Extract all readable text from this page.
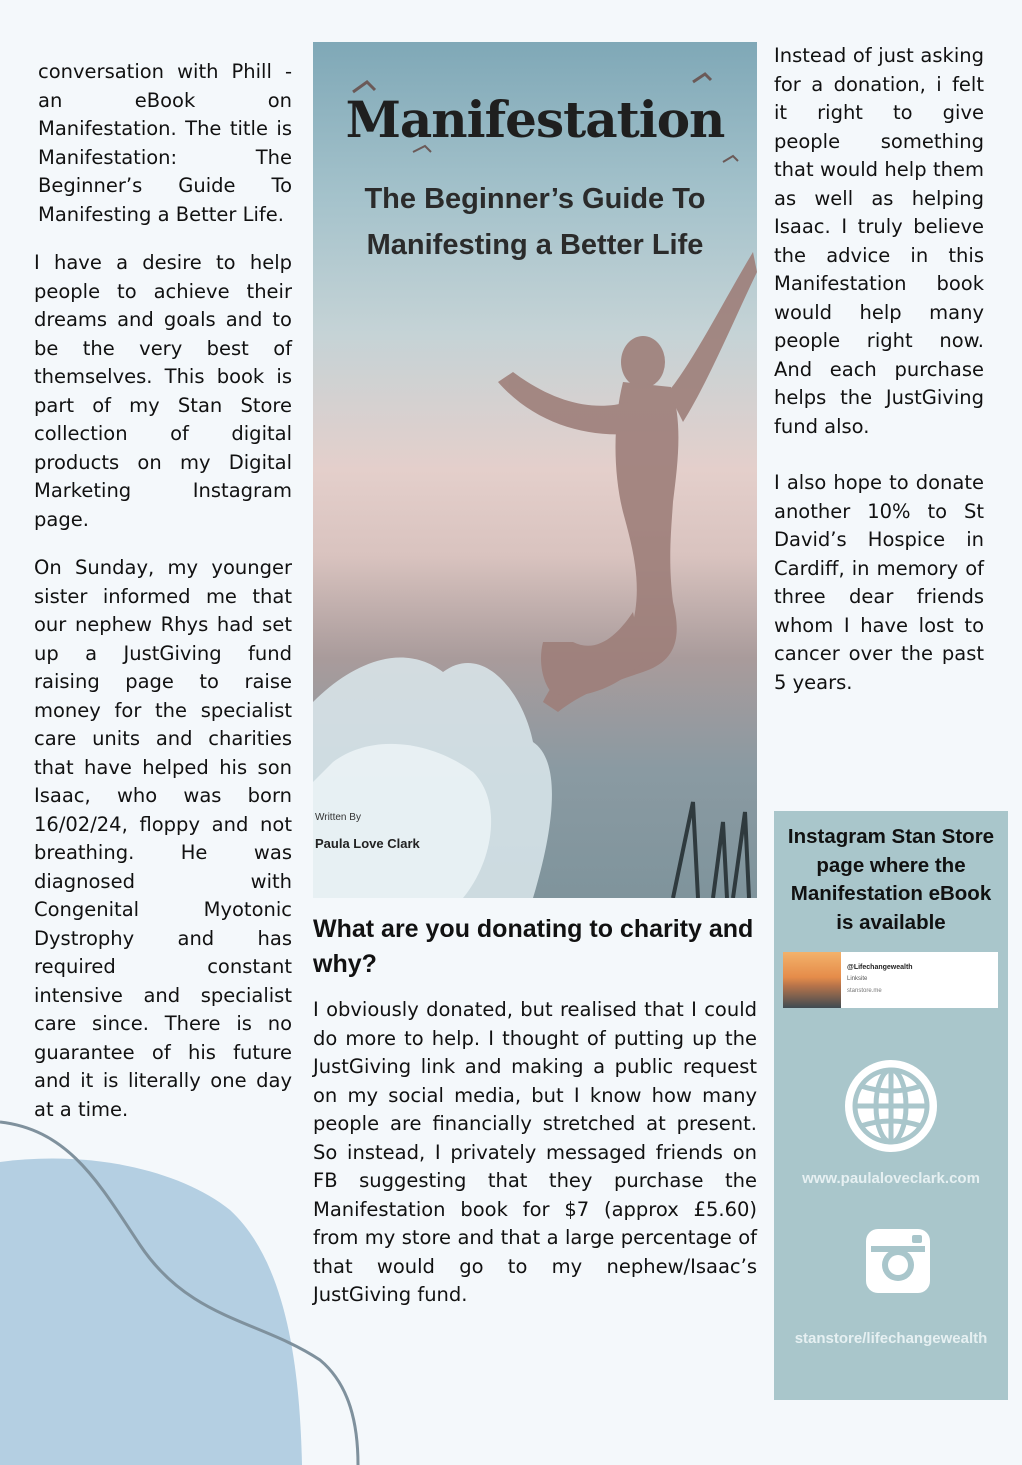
conversation with Phill - an eBook on Manifestation. The title is Manifestation: The Beginner’s Guide To Manifesting a Better Life.

I have a desire to help people to achieve their dreams and goals and to be the very best of themselves. This book is part of my Stan Store collection of digital products on my Digital Marketing Instagram page.

On Sunday, my younger sister informed me that our nephew Rhys had set up a JustGiving fund raising page to raise money for the specialist care units and charities that have helped his son Isaac, who was born 16/02/24, floppy and not breathing. He was diagnosed with Congenital Myotonic Dystrophy and has required constant intensive and specialist care since. There is no guarantee of his future and it is literally one day at a time.

Manifestation
The Beginner’s Guide To Manifesting a Better Life
Written By
Paula Love Clark
What are you donating to charity and why?

I obviously donated, but realised that I could do more to help. I thought of putting up the JustGiving link and making a public request on my social media, but I know how many people are financially stretched at present. So instead, I privately messaged friends on FB suggesting that they purchase the Manifestation book for $7 (approx £5.60) from my store and that a large percentage of that would go to my nephew/Isaac’s JustGiving fund.

Instead of just asking for a donation, i felt it right to give people something that would help them as well as helping Isaac. I truly believe the advice in this Manifestation book would help many people right now. And each purchase helps the JustGiving fund also.

I also hope to donate another 10% to St David’s Hospice in Cardiff, in memory of three dear friends whom I have lost to cancer over the past 5 years.

Instagram Stan Store page where the Manifestation eBook is available
@Lifechangewealth
Linksite
stanstore.me
www.paulaloveclark.com
stanstore/lifechangewealth
